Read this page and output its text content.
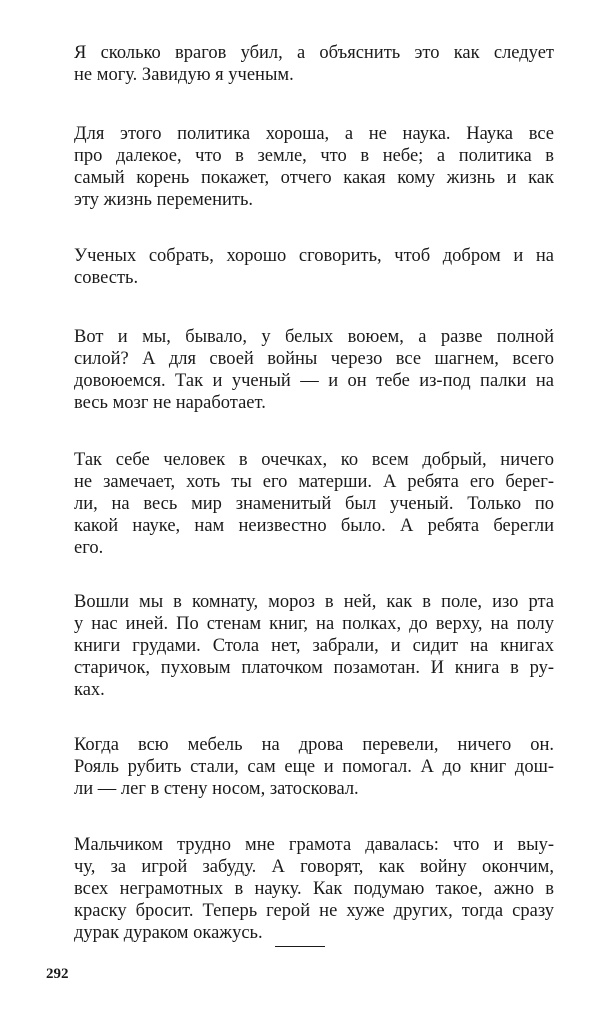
Я сколько врагов убил, а объяснить это как следует
не могу. Завидую я ученым.

Для этого политика хороша, а не наука. Наука все
про далекое, что в земле, что в небе; а политика в
самый корень покажет, отчего какая кому жизнь и как
эту жизнь переменить.

Ученых собрать, хорошо сговорить, чтоб добром и на
совесть.

Вот и мы, бывало, у белых воюем, а разве полной
силой? А для своей войны черезо все шагнем, всего
довоюемся. Так и ученый — и он тебе из-под палки на
весь мозг не наработает.

Так себе человек в очечках, ко всем добрый, ничего
не замечает, хоть ты его матерши. А ребята его берег-
ли, на весь мир знаменитый был ученый. Только по
какой науке, нам неизвестно было. А ребята берегли
его.

Вошли мы в комнату, мороз в ней, как в поле, изо рта
у нас иней. По стенам книг, на полках, до верху, на полу
книги грудами. Стола нет, забрали, и сидит на книгах
старичок, пуховым платочком позамотан. И книга в ру-
ках.

Когда всю мебель на дрова перевели, ничего он.
Рояль рубить стали, сам еще и помогал. А до книг дош-
ли — лег в стену носом, затосковал.

Мальчиком трудно мне грамота давалась: что и выу-
чу, за игрой забуду. А говорят, как войну окончим,
всех неграмотных в науку. Как подумаю такое, ажно в
краску бросит. Теперь герой не хуже других, тогда сразу
дурак дураком окажусь.

292
